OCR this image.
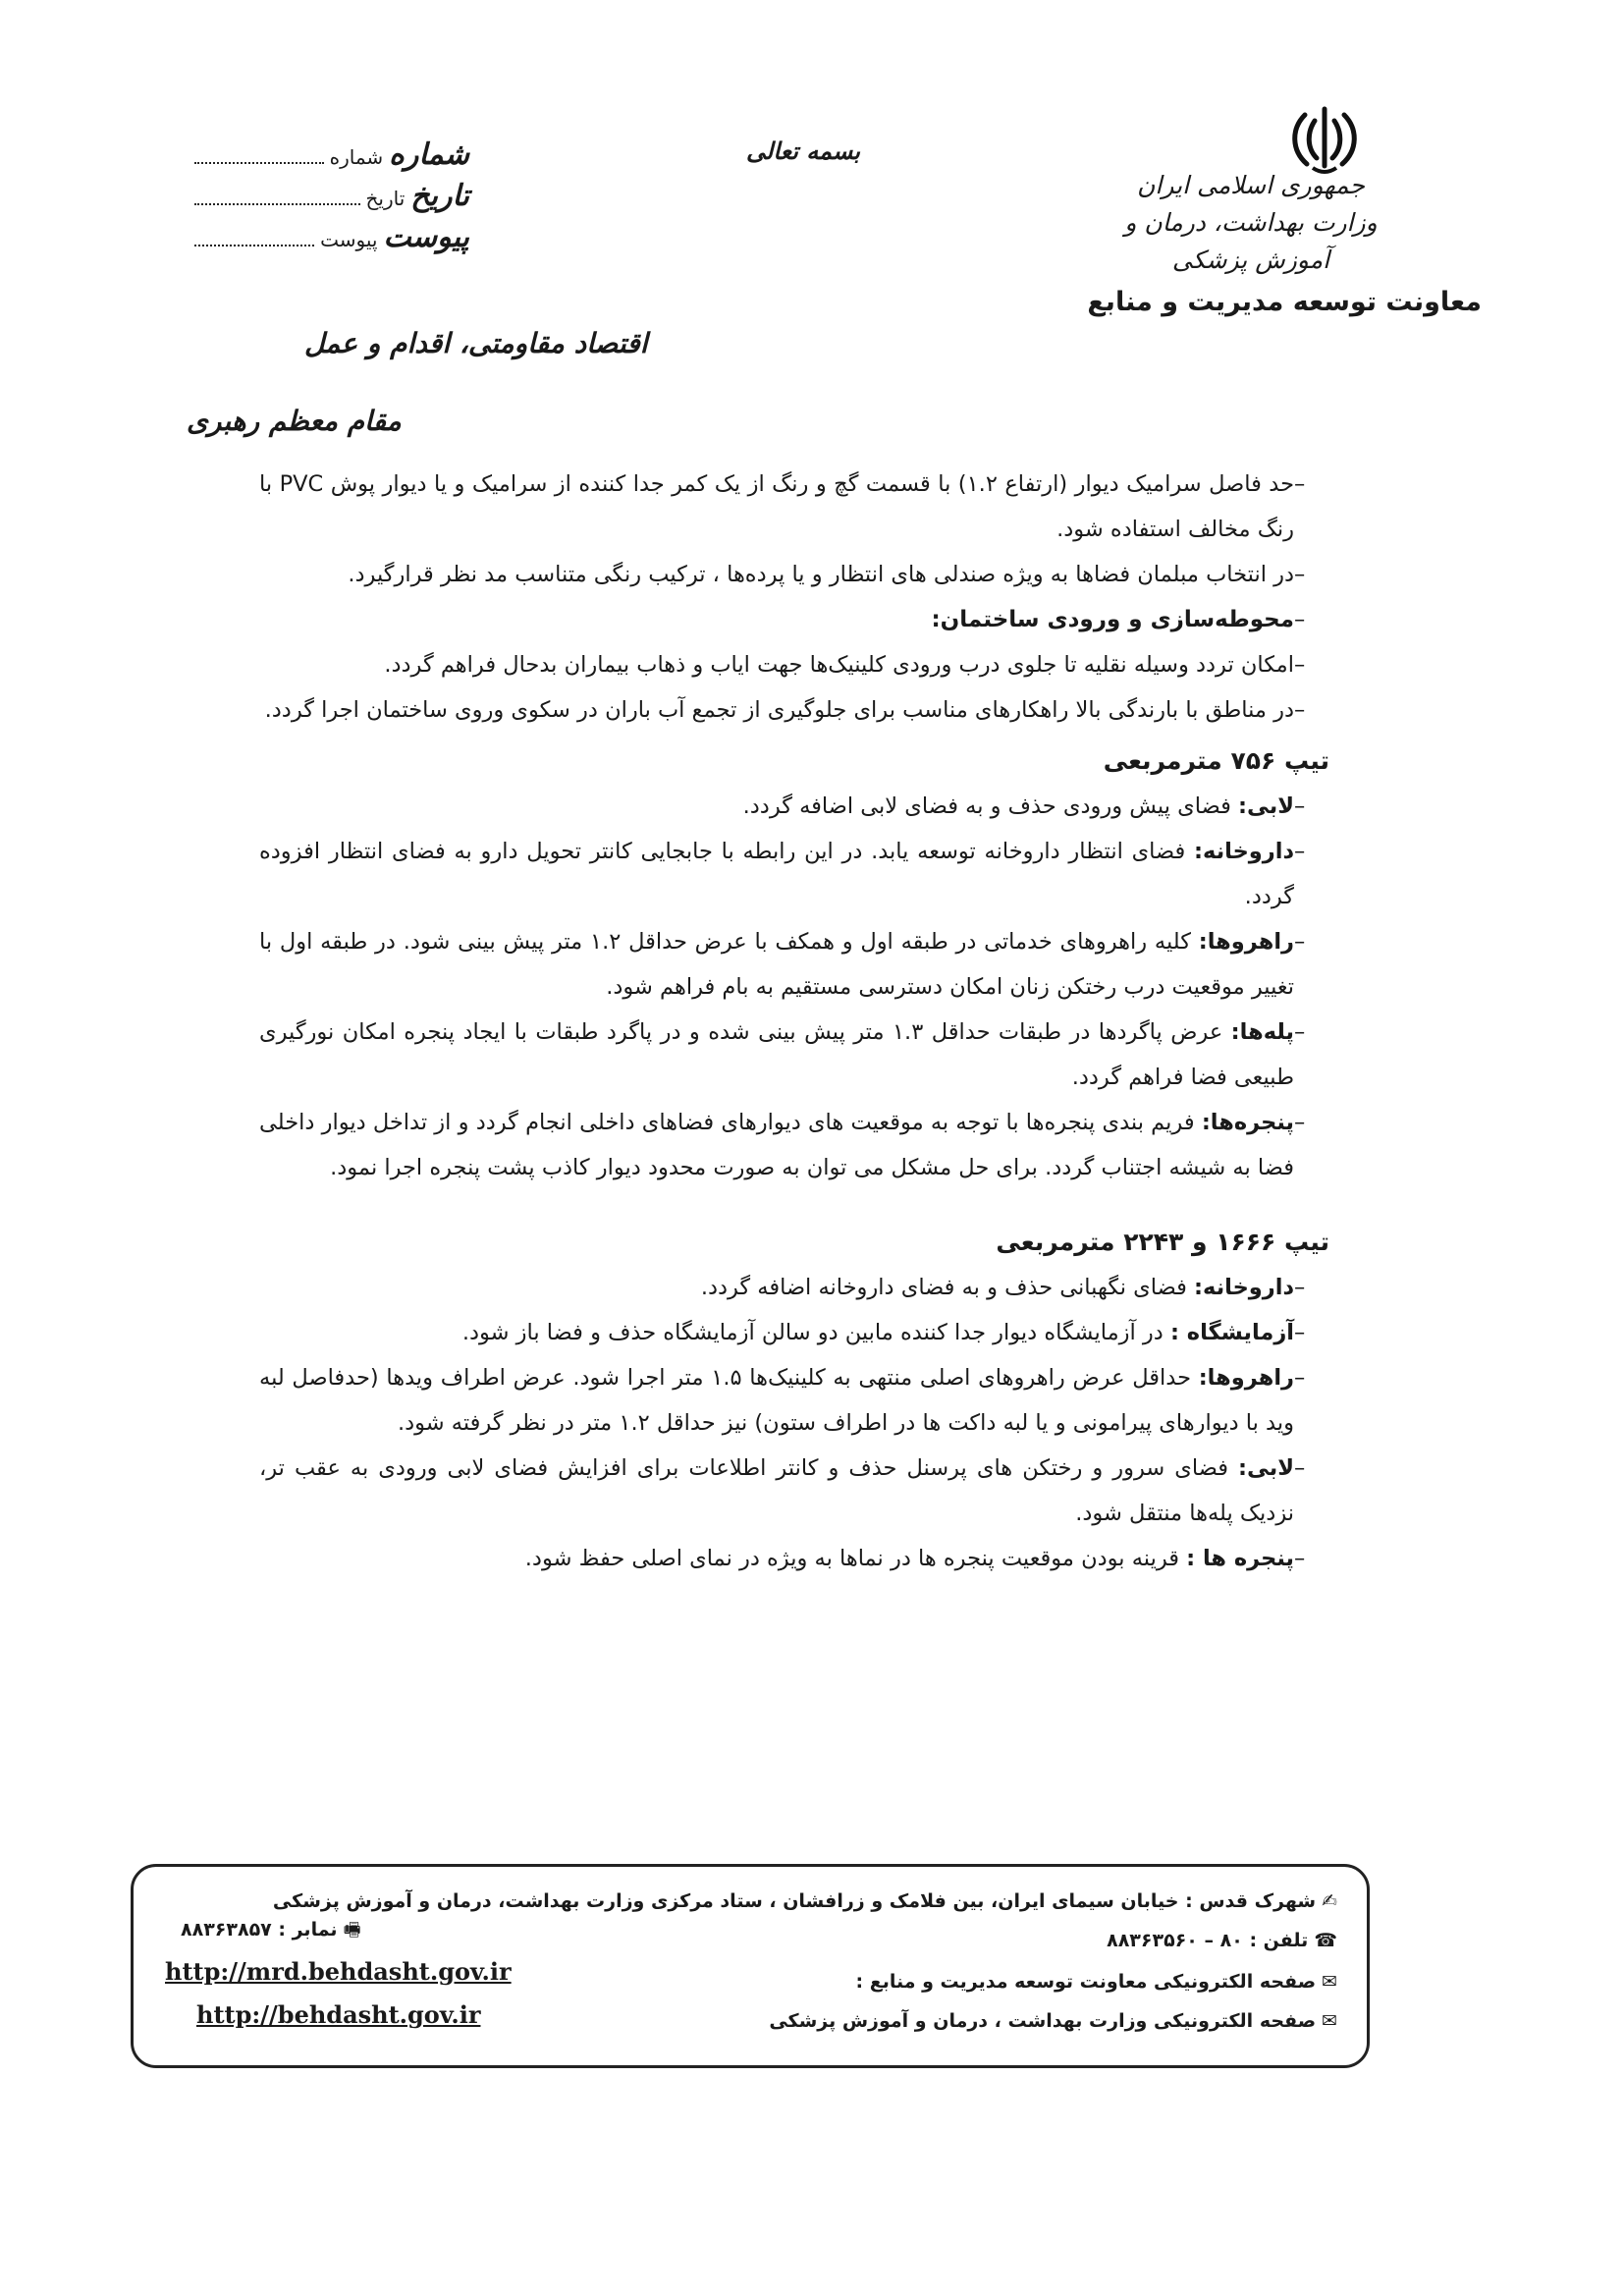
جمهوری اسلامی ایران
وزارت بهداشت، درمان و آموزش پزشکی
معاونت توسعه مدیریت و منابع
بسمه تعالی
شماره
شماره
تاریخ
تاریخ
پیوست
پیوست
اقتصاد مقاومتی، اقدام و عمل
مقام معظم رهبری
–
حد فاصل سرامیک دیوار (ارتفاع ۱.۲) با قسمت گچ و رنگ از یک کمر جدا کننده از سرامیک و یا دیوار پوش PVC با رنگ مخالف استفاده شود.
–
در انتخاب مبلمان فضاها به ویژه صندلی های انتظار و یا پرده‌ها ، ترکیب رنگی متناسب مد نظر قرارگیرد.
–
محوطه‌سازی و ورودی ساختمان:
–
امکان تردد وسیله نقلیه تا جلوی درب ورودی کلینیک‌ها جهت ایاب و ذهاب بیماران بدحال فراهم گردد.
–
در مناطق با بارندگی بالا راهکارهای مناسب برای جلوگیری از تجمع آب باران در سکوی وروی ساختمان اجرا گردد.
تیپ ۷۵۶ مترمربعی
–
لابی: فضای پیش ورودی حذف و به فضای لابی اضافه گردد.
–
داروخانه: فضای انتظار داروخانه توسعه یابد. در این رابطه با جابجایی کانتر تحویل دارو به فضای انتظار افزوده گردد.
–
راهروها: کلیه راهروهای خدماتی در طبقه اول و همکف با عرض حداقل ۱.۲ متر پیش بینی شود. در طبقه اول با تغییر موقعیت درب رختکن زنان امکان دسترسی مستقیم به بام فراهم شود.
–
پله‌ها: عرض پاگردها در طبقات حداقل ۱.۳ متر پیش بینی شده و در پاگرد طبقات با ایجاد پنجره امکان نورگیری طبیعی فضا فراهم گردد.
–
پنجره‌ها: فریم بندی پنجره‌ها با توجه به موقعیت های دیوارهای فضاهای داخلی انجام گردد و از تداخل دیوار داخلی فضا به شیشه اجتناب گردد. برای حل مشکل می توان به صورت محدود دیوار کاذب پشت پنجره اجرا نمود.
تیپ ۱۶۶۶ و ۲۲۴۳ مترمربعی
–
داروخانه: فضای نگهبانی حذف و به فضای داروخانه اضافه گردد.
–
آزمایشگاه : در آزمایشگاه دیوار جدا کننده مابین دو سالن آزمایشگاه حذف و فضا باز شود.
–
راهروها: حداقل عرض راهروهای اصلی منتهی به کلینیک‌ها ۱.۵ متر اجرا شود. عرض اطراف ویدها (حدفاصل لبه وید با دیوارهای پیرامونی و یا لبه داکت ها در اطراف ستون) نیز حداقل ۱.۲ متر در نظر گرفته شود.
–
لابی: فضای سرور و رختکن های پرسنل حذف و کانتر اطلاعات برای افزایش فضای لابی ورودی به عقب تر، نزدیک پله‌ها منتقل شود.
–
پنجره ها : قرینه بودن موقعیت پنجره ها در نماها به ویژه در نمای اصلی حفظ شود.
✍شهرک قدس : خیابان سیمای ایران، بین فلامک و زرافشان ، ستاد مرکزی وزارت بهداشت، درمان و آموزش پزشکی
☎تلفن : ۸۰ – ۸۸۳۶۳۵۶۰
🖷نمابر : ۸۸۳۶۳۸۵۷
✉صفحه الکترونیکی معاونت توسعه مدیریت و منابع :
✉صفحه الکترونیکی وزارت بهداشت ، درمان و آموزش پزشکی
http://mrd.behdasht.gov.ir
http://behdasht.gov.ir
